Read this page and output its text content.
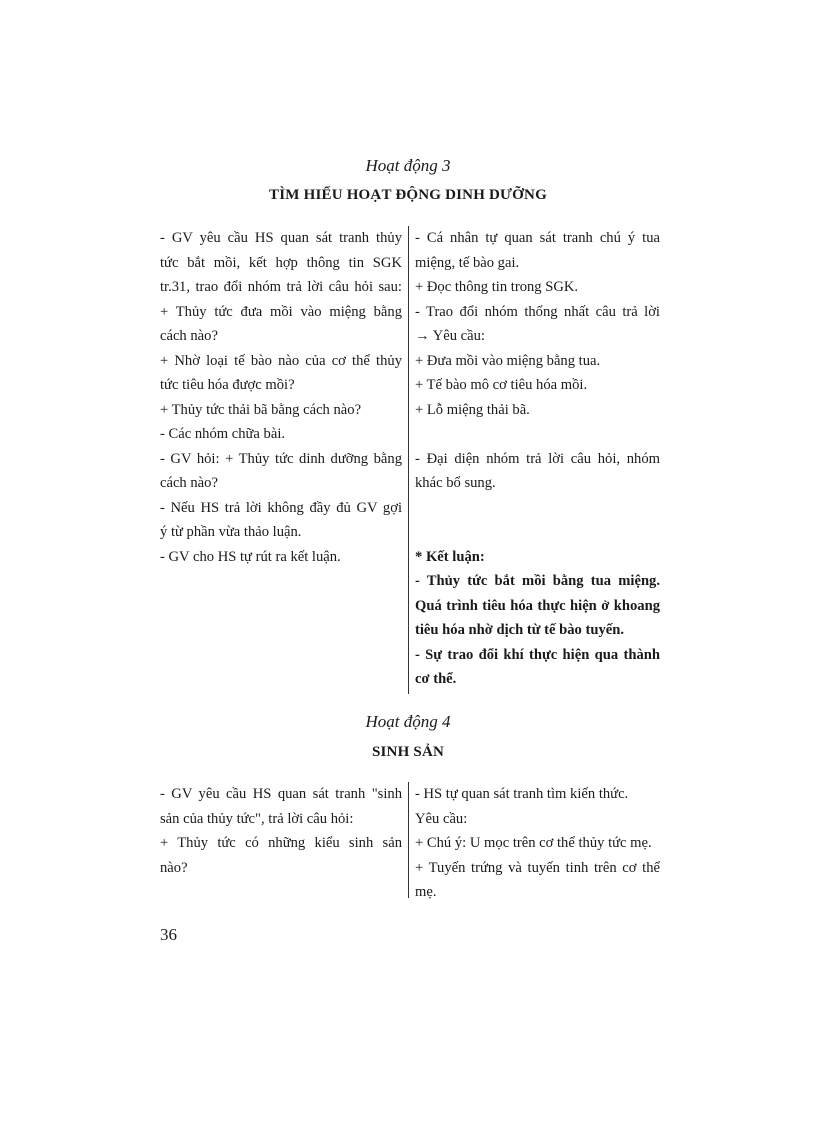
Hoạt động 3
TÌM HIỂU HOẠT ĐỘNG DINH DƯỠNG
- GV yêu cầu HS quan sát tranh thủy
tức bắt mồi, kết hợp thông tin SGK
tr.31, trao đổi nhóm trả lời câu hỏi sau:
+ Thủy tức đưa mồi vào miệng bằng
cách nào?
+ Nhờ loại tế bào nào của cơ thể thủy
tức tiêu hóa được mồi?
+ Thủy tức thải bã bằng cách nào?
- Các nhóm chữa bài.
- GV hỏi: + Thủy tức dinh dưỡng bằng
cách nào?
- Nếu HS trả lời không đầy đủ GV gợi
ý từ phần vừa thảo luận.
- GV cho HS tự rút ra kết luận.
- Cá nhân tự quan sát tranh chú ý tua
miệng, tế bào gai.
+ Đọc thông tin trong SGK.
- Trao đổi nhóm thống nhất câu trả lời
→ Yêu cầu:
+ Đưa mồi vào miệng bằng tua.
+ Tế bào mô cơ tiêu hóa mồi.
+ Lỗ miệng thải bã.
- Đại diện nhóm trả lời câu hỏi, nhóm
khác bổ sung.
* Kết luận:
- Thủy tức bắt mồi bằng tua miệng.
Quá trình tiêu hóa thực hiện ở khoang
tiêu hóa nhờ dịch từ tế bào tuyến.
- Sự trao đổi khí thực hiện qua thành
cơ thể.
Hoạt động 4
SINH SẢN
- GV yêu cầu HS quan sát tranh "sinh
sản của thủy tức", trả lời câu hỏi:
+ Thủy tức có những kiểu sinh sản
nào?
- HS tự quan sát tranh tìm kiến thức.
Yêu cầu:
+ Chú ý: U mọc trên cơ thể thủy tức mẹ.
+ Tuyến trứng và tuyến tinh trên cơ thể
mẹ.
36
